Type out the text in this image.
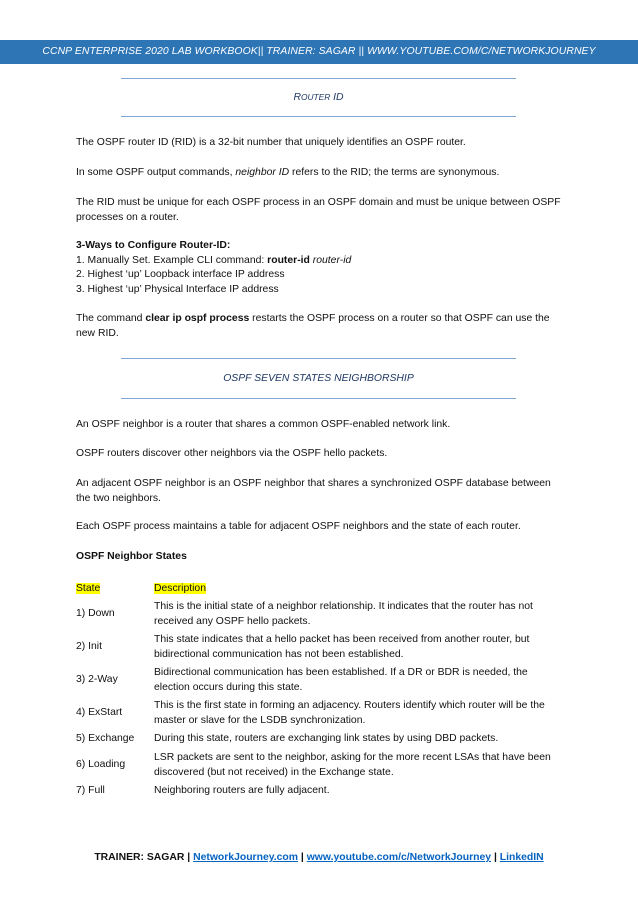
CCNP ENTERPRISE 2020 LAB WORKBOOK|| TRAINER: SAGAR || WWW.YOUTUBE.COM/C/NETWORKJOURNEY
ROUTER ID

The OSPF router ID (RID) is a 32-bit number that uniquely identifies an OSPF router.

In some OSPF output commands, neighbor ID refers to the RID; the terms are synonymous.

The RID must be unique for each OSPF process in an OSPF domain and must be unique between OSPF processes on a router.

3-Ways to Configure Router-ID:

1. Manually Set. Example CLI command: router-id router-id

2. Highest ‘up’ Loopback interface IP address

3. Highest ‘up’ Physical Interface IP address

The command clear ip ospf process restarts the OSPF process on a router so that OSPF can use the new RID.

OSPF SEVEN STATES NEIGHBORSHIP

An OSPF neighbor is a router that shares a common OSPF-enabled network link.

OSPF routers discover other neighbors via the OSPF hello packets.

An adjacent OSPF neighbor is an OSPF neighbor that shares a synchronized OSPF database between the two neighbors.

Each OSPF process maintains a table for adjacent OSPF neighbors and the state of each router.

OSPF Neighbor States

State	Description
1) Down	This is the initial state of a neighbor relationship. It indicates that the router has not received any OSPF hello packets.
2) Init	This state indicates that a hello packet has been received from another router, but bidirectional communication has not been established.
3) 2-Way	Bidirectional communication has been established. If a DR or BDR is needed, the election occurs during this state.
4) ExStart	This is the first state in forming an adjacency. Routers identify which router will be the master or slave for the LSDB synchronization.
5) Exchange	During this state, routers are exchanging link states by using DBD packets.
6) Loading	LSR packets are sent to the neighbor, asking for the more recent LSAs that have been discovered (but not received) in the Exchange state.
7) Full	Neighboring routers are fully adjacent.
TRAINER: SAGAR | NetworkJourney.com | www.youtube.com/c/NetworkJourney | LinkedIN
